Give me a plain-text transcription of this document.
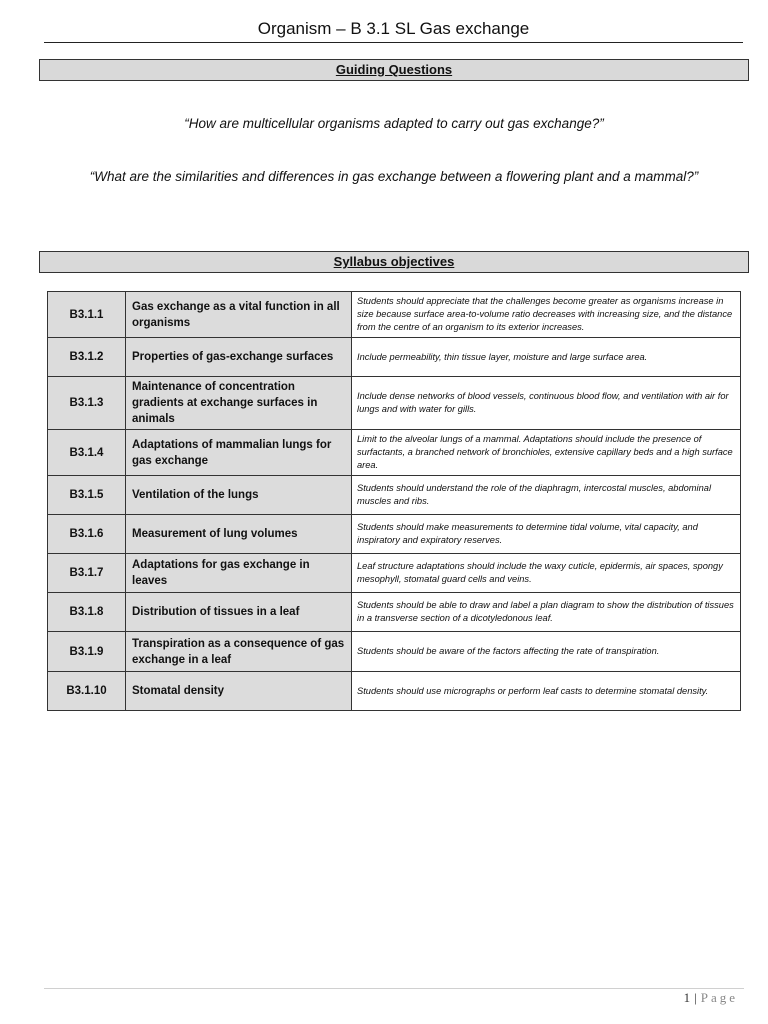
Organism – B 3.1 SL Gas exchange
Guiding Questions
“How are multicellular organisms adapted to carry out gas exchange?”
“What are the similarities and differences in gas exchange between a flowering plant and a mammal?”
Syllabus objectives
B3.1.1	Gas exchange as a vital function in all organisms	Students should appreciate that the challenges become greater as organisms increase in size because surface area-to-volume ratio decreases with increasing size, and the distance from the centre of an organism to its exterior increases.
B3.1.2	Properties of gas-exchange surfaces	Include permeability, thin tissue layer, moisture and large surface area.
B3.1.3	Maintenance of concentration gradients at exchange surfaces in animals	Include dense networks of blood vessels, continuous blood flow, and ventilation with air for lungs and with water for gills.
B3.1.4	Adaptations of mammalian lungs for gas exchange	Limit to the alveolar lungs of a mammal. Adaptations should include the presence of surfactants, a branched network of bronchioles, extensive capillary beds and a high surface area.
B3.1.5	Ventilation of the lungs	Students should understand the role of the diaphragm, intercostal muscles, abdominal muscles and ribs.
B3.1.6	Measurement of lung volumes	Students should make measurements to determine tidal volume, vital capacity, and inspiratory and expiratory reserves.
B3.1.7	Adaptations for gas exchange in leaves	Leaf structure adaptations should include the waxy cuticle, epidermis, air spaces, spongy mesophyll, stomatal guard cells and veins.
B3.1.8	Distribution of tissues in a leaf	Students should be able to draw and label a plan diagram to show the distribution of tissues in a transverse section of a dicotyledonous leaf.
B3.1.9	Transpiration as a consequence of gas exchange in a leaf	Students should be aware of the factors affecting the rate of transpiration.
B3.1.10	Stomatal density	Students should use micrographs or perform leaf casts to determine stomatal density.
1 | Page
